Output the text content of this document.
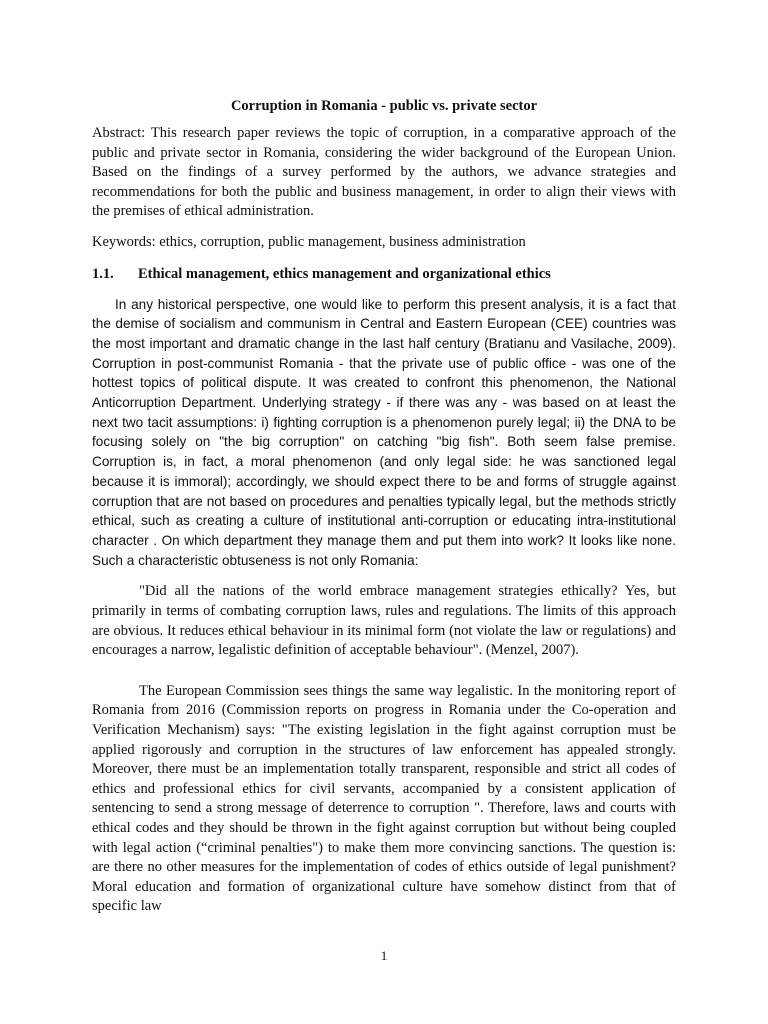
Corruption in Romania - public vs. private sector

Abstract: This research paper reviews the topic of corruption, in a comparative approach of the public and private sector in Romania, considering the wider background of the European Union. Based on the findings of a survey performed by the authors, we advance strategies and recommendations for both the public and business management, in order to align their views with the premises of ethical administration.

Keywords: ethics, corruption, public management, business administration

1.1.	Ethical management, ethics management and organizational ethics

In any historical perspective, one would like to perform this present analysis, it is a fact that the demise of socialism and communism in Central and Eastern European (CEE) countries was the most important and dramatic change in the last half century (Bratianu and Vasilache, 2009). Corruption in post-communist Romania - that the private use of public office - was one of the hottest topics of political dispute. It was created to confront this phenomenon, the National Anticorruption Department. Underlying strategy - if there was any - was based on at least the next two tacit assumptions: i) fighting corruption is a phenomenon purely legal; ii) the DNA to be focusing solely on "the big corruption" on catching "big fish". Both seem false premise. Corruption is, in fact, a moral phenomenon (and only legal side: he was sanctioned legal because it is immoral); accordingly, we should expect there to be and forms of struggle against corruption that are not based on procedures and penalties typically legal, but the methods strictly ethical, such as creating a culture of institutional anti-corruption or educating intra-institutional character . On which department they manage them and put them into work? It looks like none. Such a characteristic obtuseness is not only Romania:

"Did all the nations of the world embrace management strategies ethically? Yes, but primarily in terms of combating corruption laws, rules and regulations. The limits of this approach are obvious. It reduces ethical behaviour in its minimal form (not violate the law or regulations) and encourages a narrow, legalistic definition of acceptable behaviour". (Menzel, 2007).

The European Commission sees things the same way legalistic. In the monitoring report of Romania from 2016 (Commission reports on progress in Romania under the Co-operation and Verification Mechanism) says: "The existing legislation in the fight against corruption must be applied rigorously and corruption in the structures of law enforcement has appealed strongly. Moreover, there must be an implementation totally transparent, responsible and strict all codes of ethics and professional ethics for civil servants, accompanied by a consistent application of sentencing to send a strong message of deterrence to corruption ". Therefore, laws and courts with ethical codes and they should be thrown in the fight against corruption but without being coupled with legal action (“criminal penalties") to make them more convincing sanctions. The question is: are there no other measures for the implementation of codes of ethics outside of legal punishment? Moral education and formation of organizational culture have somehow distinct from that of specific law

1
